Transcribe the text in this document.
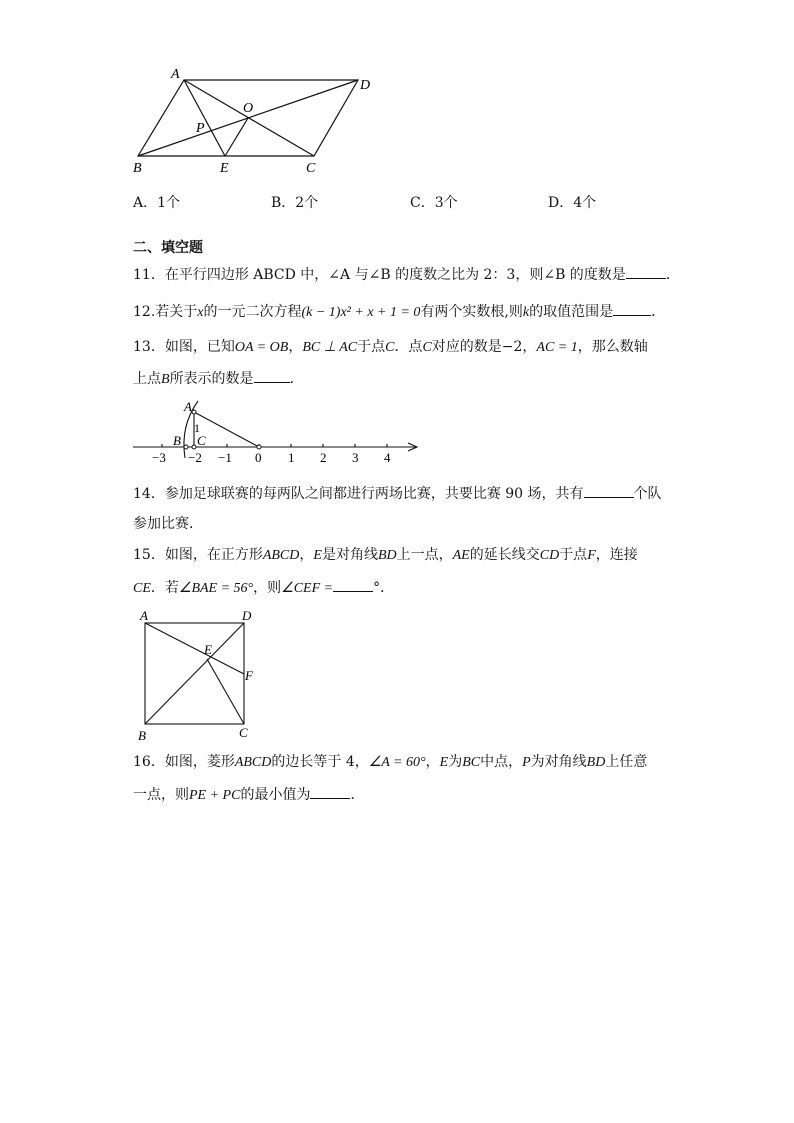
A
D
O
P
B	E	C
A．1个	B．2个	C．3个	D．4个
二、填空题
11．在平行四边形 ABCD 中，∠A 与∠B 的度数之比为 2：3，则∠B 的度数是	．
12.若关于x的一元二次方程(k − 1)x² + x + 1 = 0有两个实数根,则k的取值范围是	．
13．如图，已知OA = OB，BC ⊥ AC于点C．点C对应的数是−2，AC = 1，那么数轴
上点B所表示的数是	．
A
B C
1
−3 −2 −1 0 1 2 3 4
14．参加足球联赛的每两队之间都进行两场比赛，共要比赛 90 场，共有	个队
参加比赛．
15．如图，在正方形ABCD，E是对角线BD上一点，AE的延长线交CD于点F，连接
CE．若∠BAE = 56°，则∠CEF =	°．
A	D
E
F
B	C
16．如图，菱形ABCD的边长等于 4，∠A = 60°，E为BC中点，P为对角线BD上任意
一点，则PE + PC的最小值为	．
